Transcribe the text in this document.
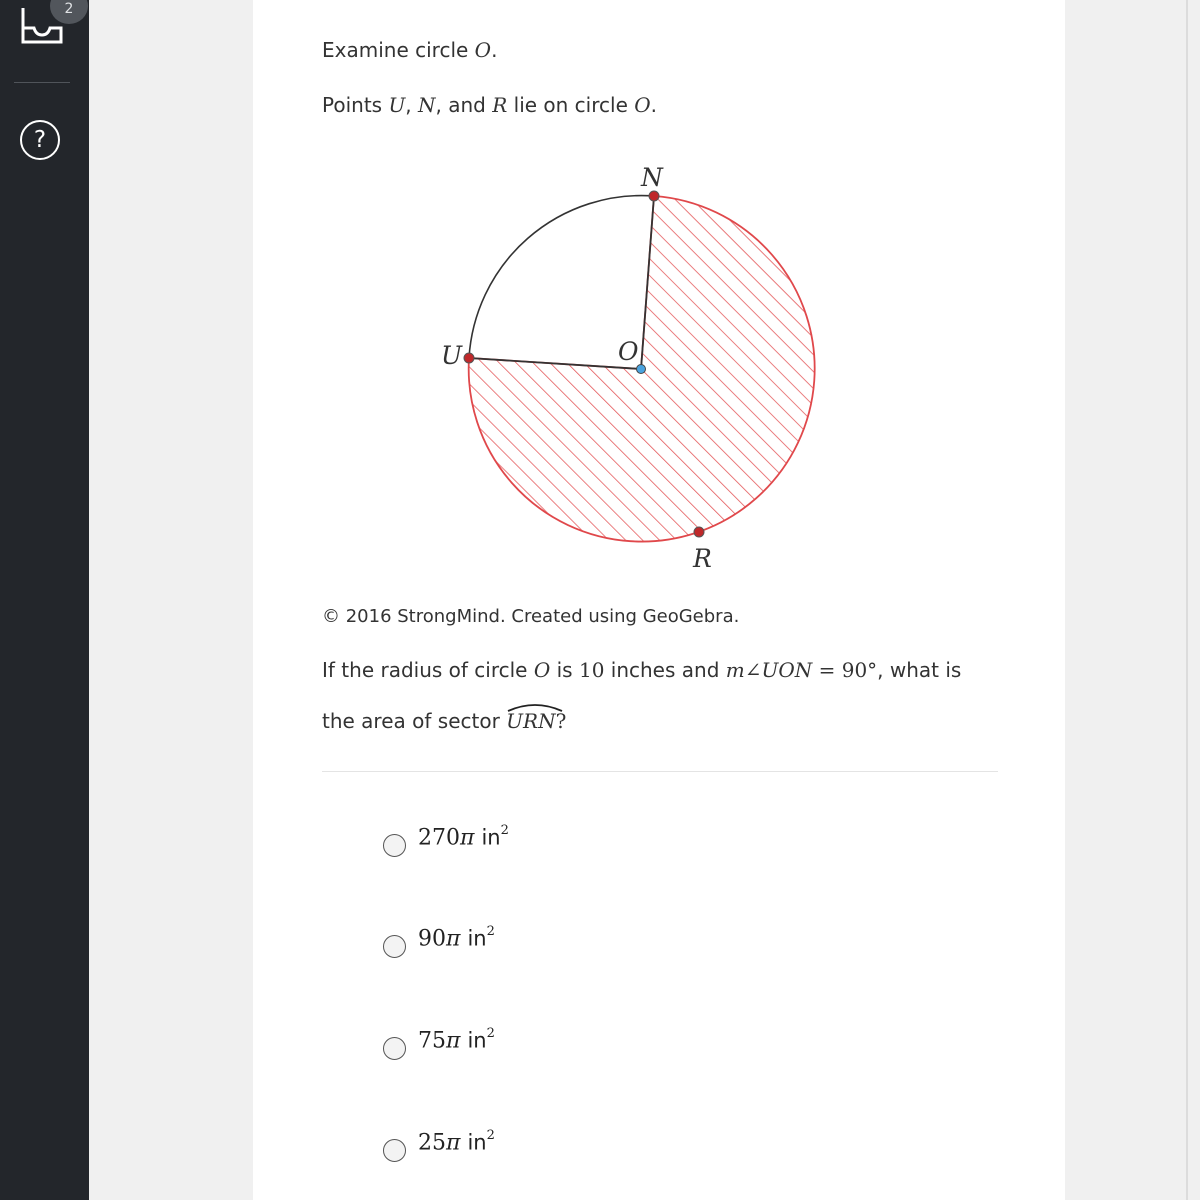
2
?
Examine circle O.
Points U, N, and R lie on circle O.
N
U	O
R
© 2016 StrongMind. Created using GeoGebra.
If the radius of circle O is 10 inches and m∠UON = 90°, what is
the area of sector
URN?
270π $in^2$
90π $in^2$
75π $in^2$
25π $in^2$
